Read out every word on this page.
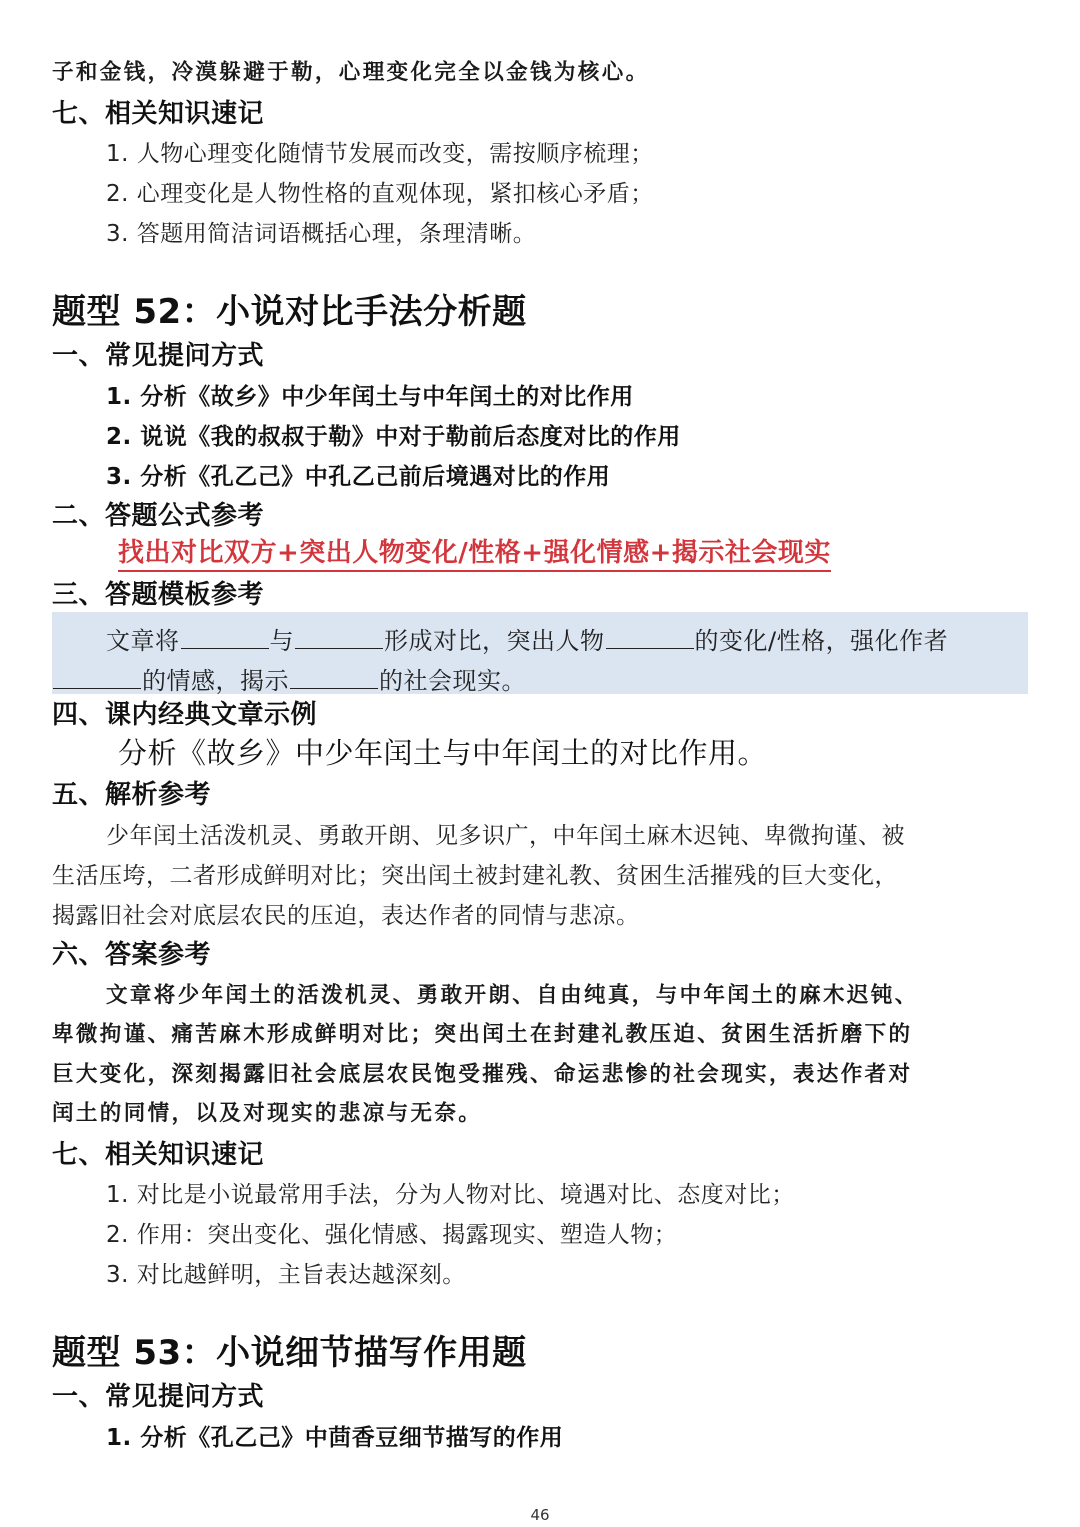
子和金钱，冷漠躲避于勒，心理变化完全以金钱为核心。
七、相关知识速记
1. 人物心理变化随情节发展而改变，需按顺序梳理；
2. 心理变化是人物性格的直观体现，紧扣核心矛盾；
3. 答题用简洁词语概括心理，条理清晰。
题型 52：小说对比手法分析题
一、常见提问方式
1. 分析《故乡》中少年闰土与中年闰土的对比作用
2. 说说《我的叔叔于勒》中对于勒前后态度对比的作用
3. 分析《孔乙己》中孔乙己前后境遇对比的作用
二、答题公式参考
找出对比双方+突出人物变化/性格+强化情感+揭示社会现实
三、答题模板参考
文章将	与	形成对比，突出人物	的变化/性格，强化作者
的情感，揭示	的社会现实。
四、课内经典文章示例
分析《故乡》中少年闰土与中年闰土的对比作用。
五、解析参考
少年闰土活泼机灵、勇敢开朗、见多识广，中年闰土麻木迟钝、卑微拘谨、被
生活压垮，二者形成鲜明对比；突出闰土被封建礼教、贫困生活摧残的巨大变化，
揭露旧社会对底层农民的压迫，表达作者的同情与悲凉。
六、答案参考
文章将少年闰土的活泼机灵、勇敢开朗、自由纯真，与中年闰土的麻木迟钝、
卑微拘谨、痛苦麻木形成鲜明对比；突出闰土在封建礼教压迫、贫困生活折磨下的
巨大变化，深刻揭露旧社会底层农民饱受摧残、命运悲惨的社会现实，表达作者对
闰土的同情，以及对现实的悲凉与无奈。
七、相关知识速记
1. 对比是小说最常用手法，分为人物对比、境遇对比、态度对比；
2. 作用：突出变化、强化情感、揭露现实、塑造人物；
3. 对比越鲜明，主旨表达越深刻。
题型 53：小说细节描写作用题
一、常见提问方式
1. 分析《孔乙己》中茴香豆细节描写的作用
46
